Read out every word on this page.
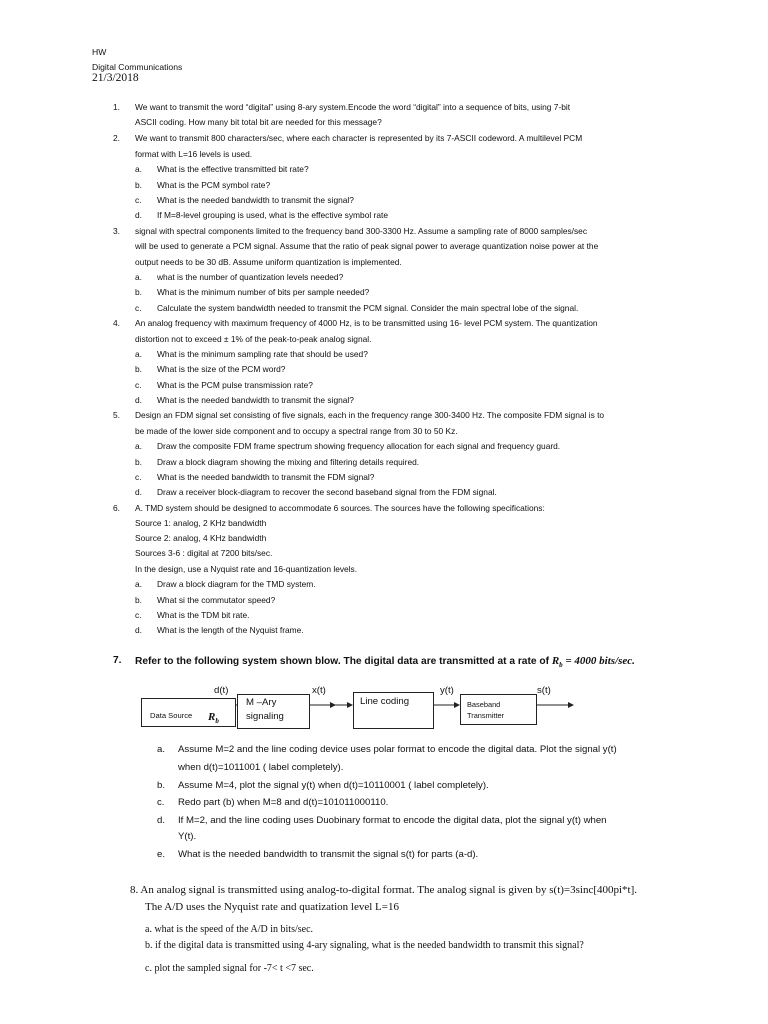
HW
Digital Communications
21/3/2018
1. We want to transmit the word “digital” using 8-ary system.Encode the word “digital” into a sequence of bits, using 7-bit
ASCII coding. How many bit total bit are needed for this message?
2. We want to transmit 800 characters/sec, where each character is represented by its 7-ASCII codeword. A multilevel PCM
format with L=16 levels is used.
a. What is the effective transmitted bit rate?
b. What is the PCM symbol rate?
c. What is the needed bandwidth to transmit the signal?
d. If M=8-level grouping is used, what is the effective symbol rate
3. signal with spectral components limited to the frequency band 300-3300 Hz. Assume a sampling rate of 8000 samples/sec
will be used to generate a PCM signal. Assume that the ratio of peak signal power to average quantization noise power at the
output needs to be 30 dB. Assume uniform quantization is implemented.
a. what is the number of quantization levels needed?
b. What is the minimum number of bits per sample needed?
c. Calculate the system bandwidth needed to transmit the PCM signal. Consider the main spectral lobe of the signal.
4. An analog frequency with maximum frequency of 4000 Hz, is to be transmitted using 16- level PCM system. The quantization
distortion not to exceed ± 1% of the peak-to-peak analog signal.
a. What is the minimum sampling rate that should be used?
b. What is the size of the PCM word?
c. What is the PCM pulse transmission rate?
d. What is the needed bandwidth to transmit the signal?
5. Design an FDM signal set consisting of five signals, each in the frequency range 300-3400 Hz. The composite FDM signal is to
be made of the lower side component and to occupy a spectral range from 30 to 50 Kz.
a. Draw the composite FDM frame spectrum showing frequency allocation for each signal and frequency guard.
b. Draw a block diagram showing the mixing and filtering details required.
c. What is the needed bandwidth to transmit the FDM signal?
d. Draw a receiver block-diagram to recover the second baseband signal from the FDM signal.
6. A. TMD system should be designed to accommodate 6 sources. The sources have the following specifications:
Source 1: analog, 2 KHz bandwidth
Source 2: analog, 4 KHz bandwidth
Sources 3-6 : digital at 7200 bits/sec.
In the design, use a Nyquist rate and 16-quantization levels.
a. Draw a block diagram for the TMD system.
b. What si the commutator speed?
c. What is the TDM bit rate.
d. What is the length of the Nyquist frame.
7. Refer to the following system shown blow. The digital data are transmitted at a rate of $R_b = 4000$ bits/sec.
Data Source $R_b$
M –Ary
signaling
Line coding	Baseband
Transmitter
d(t)	x(t)	y(t)	s(t)
a. Assume M=2 and the line coding device uses polar format to encode the digital data. Plot the signal y(t)
when d(t)=1011001 ( label completely).
b. Assume M=4, plot the signal y(t) when d(t)=10110001 ( label completely).
c. Redo part (b) when M=8 and d(t)=101011000110.
d. If M=2, and the line coding uses Duobinary format to encode the digital data, plot the signal y(t) when
Y(t).
e. What is the needed bandwidth to transmit the signal s(t) for parts (a-d).
8. An analog signal is transmitted using analog-to-digital format. The analog signal is given by s(t)=3sinc[400pi*t].
The A/D uses the Nyquist rate and quatization level L=16
a. what is the speed of the A/D in bits/sec.
b. if the digital data is transmitted using 4-ary signaling, what is the needed bandwidth to transmit this signal?
c. plot the sampled signal for -7< t <7 sec.
